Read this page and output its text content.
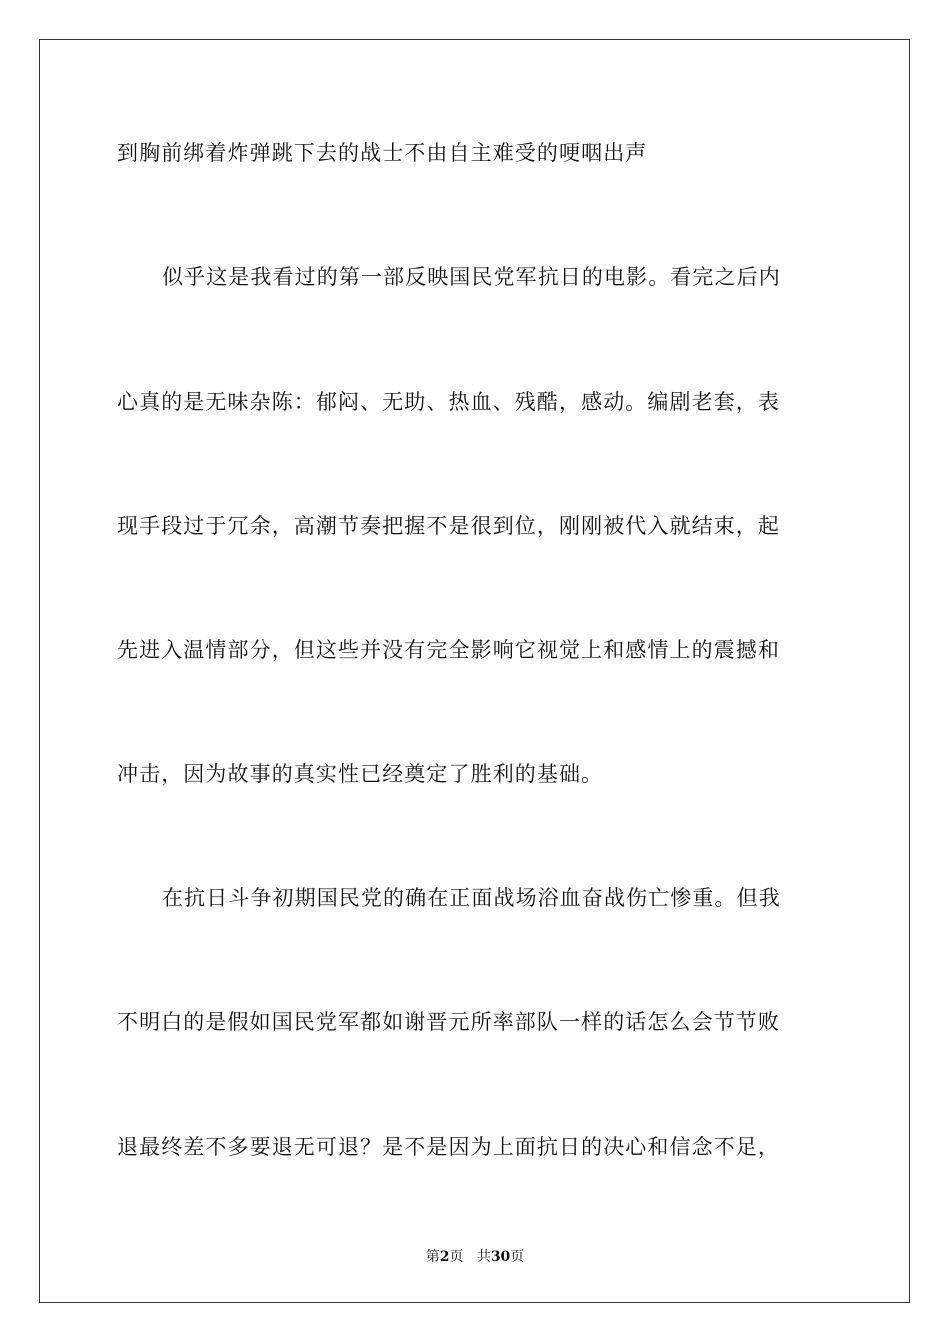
到胸前绑着炸弹跳下去的战士不由自主难受的哽咽出声
似乎这是我看过的第一部反映国民党军抗日的电影。看完之后内
心真的是无味杂陈：郁闷、无助、热血、残酷，感动。编剧老套，表
现手段过于冗余，高潮节奏把握不是很到位，刚刚被代入就结束，起
先进入温情部分，但这些并没有完全影响它视觉上和感情上的震撼和
冲击，因为故事的真实性已经奠定了胜利的基础。
在抗日斗争初期国民党的确在正面战场浴血奋战伤亡惨重。但我
不明白的是假如国民党军都如谢晋元所率部队一样的话怎么会节节败
退最终差不多要退无可退？是不是因为上面抗日的决心和信念不足，
第2页 共30页
